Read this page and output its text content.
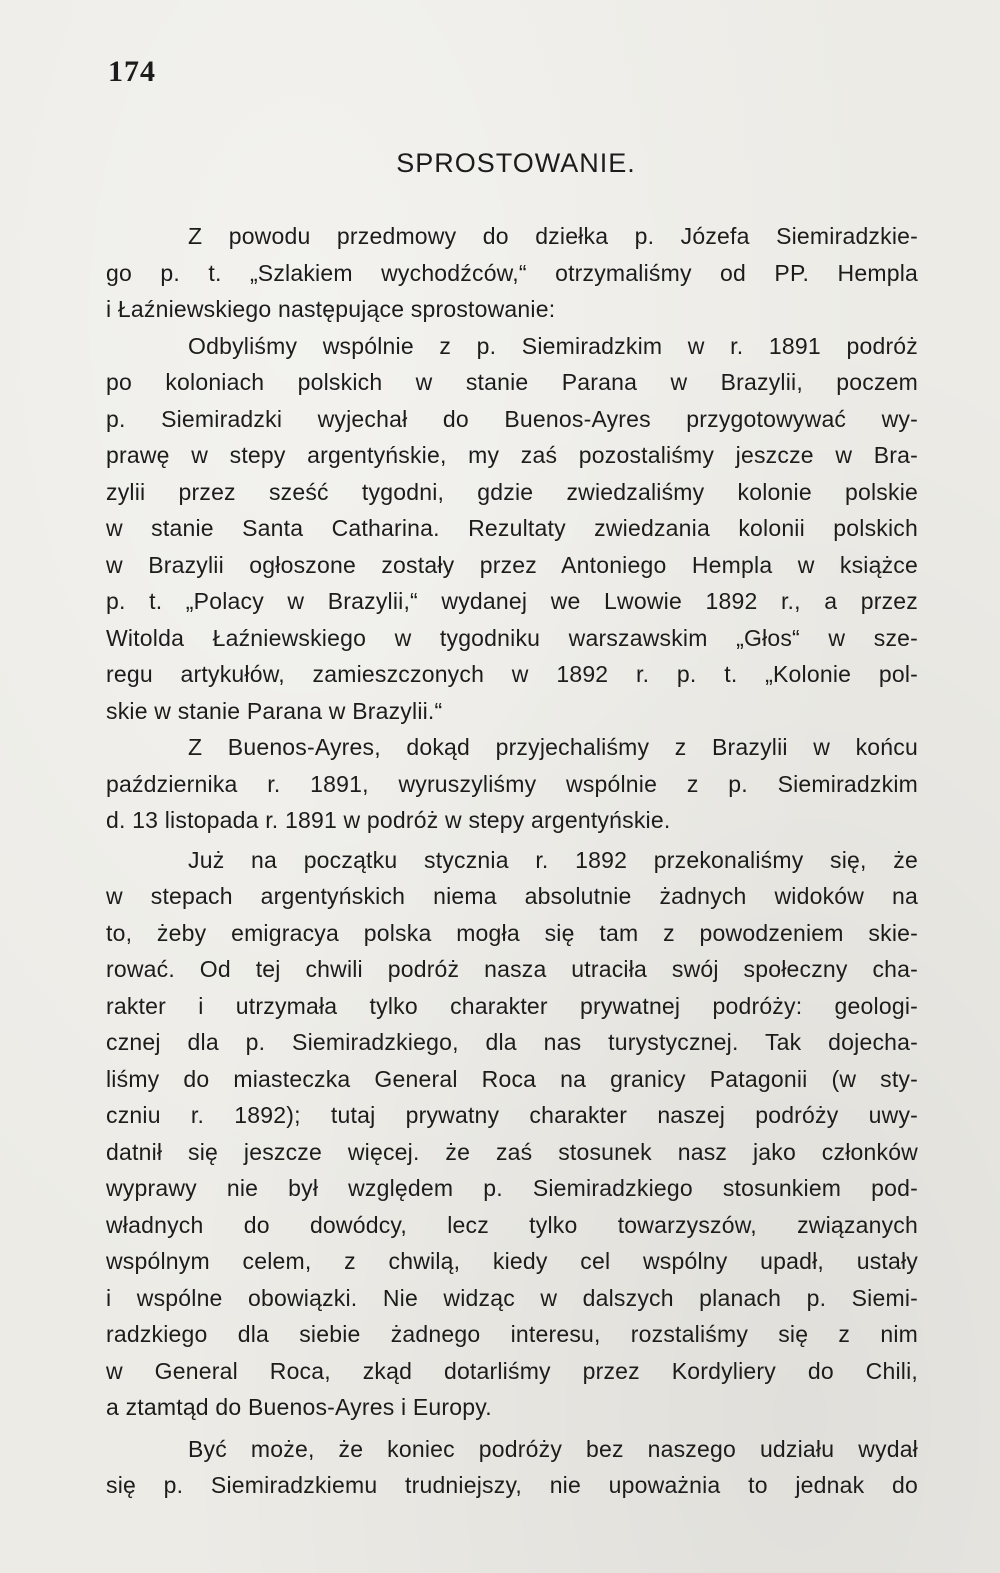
174
SPROSTOWANIE.
Z powodu przedmowy do dziełka p. Józefa Siemiradzkie-
go p. t. „Szlakiem wychodźców,“ otrzymaliśmy od PP. Hempla
i Łaźniewskiego następujące sprostowanie:
Odbyliśmy wspólnie z p. Siemiradzkim w r. 1891 podróż
po koloniach polskich w stanie Parana w Brazylii, poczem
p. Siemiradzki wyjechał do Buenos-Ayres przygotowywać wy-
prawę w stepy argentyńskie, my zaś pozostaliśmy jeszcze w Bra-
zylii przez sześć tygodni, gdzie zwiedzaliśmy kolonie polskie
w stanie Santa Catharina. Rezultaty zwiedzania kolonii polskich
w Brazylii ogłoszone zostały przez Antoniego Hempla w książce
p. t. „Polacy w Brazylii,“ wydanej we Lwowie 1892 r., a przez
Witolda Łaźniewskiego w tygodniku warszawskim „Głos“ w sze-
regu artykułów, zamieszczonych w 1892 r. p. t. „Kolonie pol-
skie w stanie Parana w Brazylii.“
Z Buenos-Ayres, dokąd przyjechaliśmy z Brazylii w końcu
października r. 1891, wyruszyliśmy wspólnie z p. Siemiradzkim
d. 13 listopada r. 1891 w podróż w stepy argentyńskie.
Już na początku stycznia r. 1892 przekonaliśmy się, że
w stepach argentyńskich niema absolutnie żadnych widoków na
to, żeby emigracya polska mogła się tam z powodzeniem skie-
rować. Od tej chwili podróż nasza utraciła swój społeczny cha-
rakter i utrzymała tylko charakter prywatnej podróży: geologi-
cznej dla p. Siemiradzkiego, dla nas turystycznej. Tak dojecha-
liśmy do miasteczka General Roca na granicy Patagonii (w sty-
czniu r. 1892); tutaj prywatny charakter naszej podróży uwy-
datnił się jeszcze więcej. że zaś stosunek nasz jako członków
wyprawy nie był względem p. Siemiradzkiego stosunkiem pod-
władnych do dowódcy, lecz tylko towarzyszów, związanych
wspólnym celem, z chwilą, kiedy cel wspólny upadł, ustały
i wspólne obowiązki. Nie widząc w dalszych planach p. Siemi-
radzkiego dla siebie żadnego interesu, rozstaliśmy się z nim
w General Roca, zkąd dotarliśmy przez Kordyliery do Chili,
a ztamtąd do Buenos-Ayres i Europy.
Być może, że koniec podróży bez naszego udziału wydał
się p. Siemiradzkiemu trudniejszy, nie upoważnia to jednak do
